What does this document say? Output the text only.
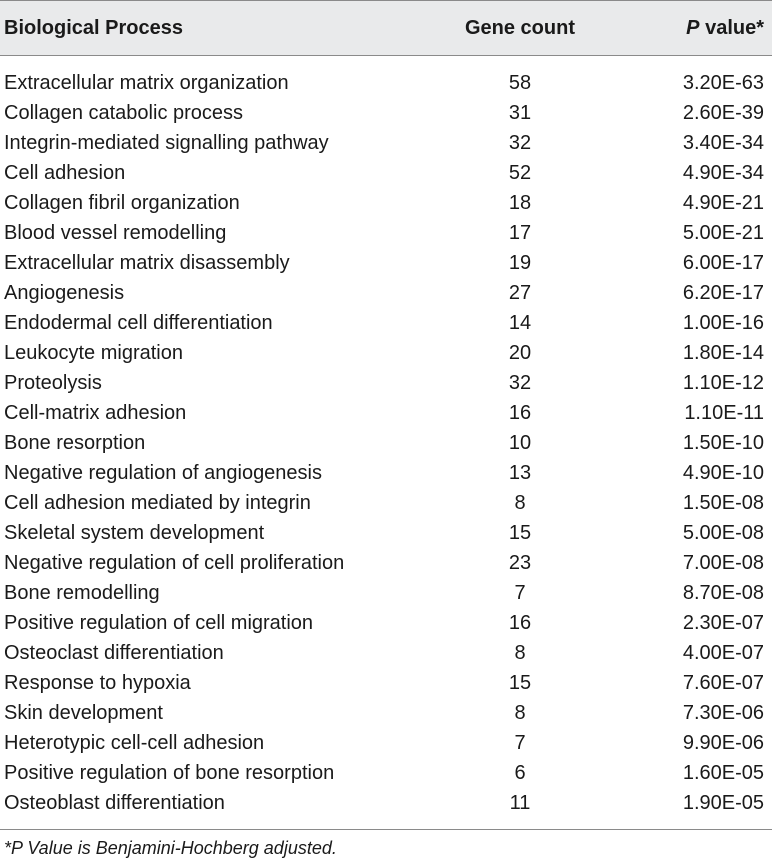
Biological Process	Gene count	P value*
Extracellular matrix organization	58	3.20E-63
Collagen catabolic process	31	2.60E-39
Integrin-mediated signalling pathway	32	3.40E-34
Cell adhesion	52	4.90E-34
Collagen fibril organization	18	4.90E-21
Blood vessel remodelling	17	5.00E-21
Extracellular matrix disassembly	19	6.00E-17
Angiogenesis	27	6.20E-17
Endodermal cell differentiation	14	1.00E-16
Leukocyte migration	20	1.80E-14
Proteolysis	32	1.10E-12
Cell-matrix adhesion	16	1.10E-11
Bone resorption	10	1.50E-10
Negative regulation of angiogenesis	13	4.90E-10
Cell adhesion mediated by integrin	8	1.50E-08
Skeletal system development	15	5.00E-08
Negative regulation of cell proliferation	23	7.00E-08
Bone remodelling	7	8.70E-08
Positive regulation of cell migration	16	2.30E-07
Osteoclast differentiation	8	4.00E-07
Response to hypoxia	15	7.60E-07
Skin development	8	7.30E-06
Heterotypic cell-cell adhesion	7	9.90E-06
Positive regulation of bone resorption	6	1.60E-05
Osteoblast differentiation	11	1.90E-05
*P Value is Benjamini-Hochberg adjusted.
